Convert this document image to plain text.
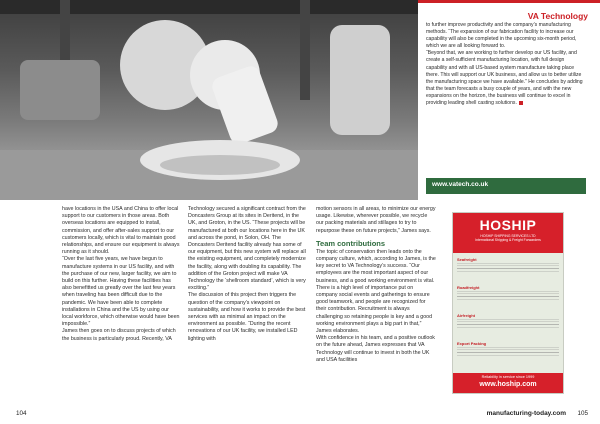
VA Technology

to further improve productivity and the company’s manufacturing methods. “The expansion of our fabrication facility to increase our capability will also be completed in the upcoming six-month period, which we are all looking forward to.

“Beyond that, we are working to further develop our US facility, and create a self-sufficient manufacturing location, with full design capability and with all US-based system manufacture taking place there. This will support our UK business, and allow us to better utilize the manufacturing space we have available.” He concludes by adding that the team forecasts a busy couple of years, and with the new expansions on the horizon, the business will continue to excel in providing leading shell casting solutions.

www.vatech.co.uk

have locations in the USA and China to offer local support to our customers in those areas. Both overseas locations are equipped to install, commission, and offer after-sales support to our customers locally, which is vital to maintain good relationships, and ensure our equipment is always running as it should.

“Over the last five years, we have begun to manufacture systems in our US facility, and with the purchase of our new, larger facility, we aim to build on this further. Having these facilities has also benefitted us greatly over the last few years when traveling has been difficult due to the pandemic. We have been able to complete installations in China and the US by using our local workforce, which otherwise would have been impossible.”

James then goes on to discuss projects of which the business is particularly proud. Recently, VA

Technology secured a significant contract from the Doncasters Group at its sites in Deritend, in the UK, and Groton, in the US. “These projects will be manufactured at both our locations here in the UK and across the pond, in Solon, OH. The Doncasters Deritend facility already has some of our equipment, but this new system will replace all the existing equipment, and completely modernize the facility, along with doubling its capability. The addition of the Groton project will make VA Technology the ‘shellroom standard’, which is very exciting.”

The discussion of this project then triggers the question of the company’s viewpoint on sustainability, and how it works to provide the best services with as minimal an impact on the environment as possible. “During the recent renovations of our UK facility, we installed LED lighting with

motion sensors in all areas, to minimize our energy usage. Likewise, wherever possible, we recycle our packing materials and stillages to try to repurpose these on future projects,” James says.

Team contributions

The topic of conservation then leads onto the company culture, which, according to James, is the key secret to VA Technology’s success. “Our employees are the most important aspect of our business, and a good working environment is vital. There is a high level of importance put on company social events and gatherings to ensure good teamwork, and people are recognized for their contribution. Recruitment is always challenging so retaining people is key and a good working environment plays a big part in that,” James elaborates.

With confidence in his team, and a positive outlook on the future ahead, James expresses that VA Technology will continue to invest in both the UK and USA facilities

HOSHIP
HOSHIP SHIPPING SERVICES LTD
International Shipping & Freight Forwarders
Seafreight
Roadfreight
Airfreight
Export Packing
Reliability in service since 1999
www.hoship.com
104	manufacturing-today.com 105
